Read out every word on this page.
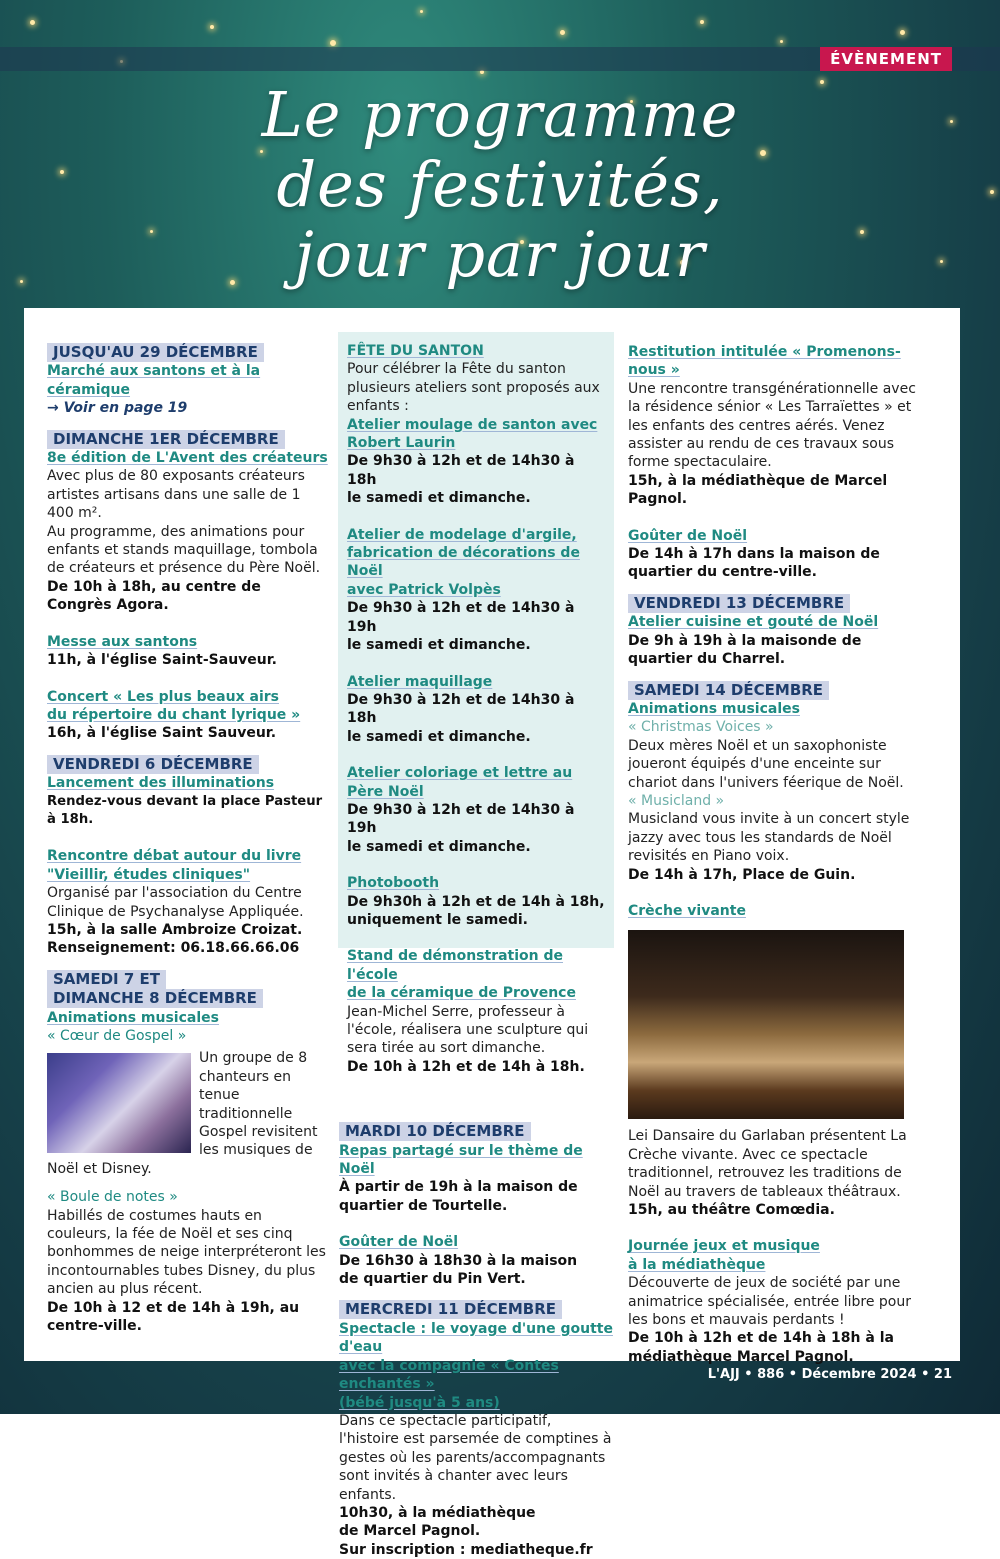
ÉVÈNEMENT
Le programme
des festivités,
jour par jour
JUSQU'AU 29 DÉCEMBRE
Marché aux santons et à la céramique
→ Voir en page 19
DIMANCHE 1ER DÉCEMBRE
8e édition de L'Avent des créateurs
Avec plus de 80 exposants créateurs artistes artisans dans une salle de 1 400 m².
Au programme, des animations pour enfants et stands maquillage, tombola de créateurs et présence du Père Noël.
De 10h à 18h, au centre de Congrès Agora.
Messe aux santons
11h, à l'église Saint-Sauveur.
Concert « Les plus beaux airs
du répertoire du chant lyrique »
16h, à l'église Saint Sauveur.
VENDREDI 6 DÉCEMBRE
Lancement des illuminations
Rendez-vous devant la place Pasteur à 18h.
Rencontre débat autour du livre
"Vieillir, études cliniques"
Organisé par l'association du Centre Clinique de Psychanalyse Appliquée.
15h, à la salle Ambroize Croizat.
Renseignement: 06.18.66.66.06
SAMEDI 7 ET
DIMANCHE 8 DÉCEMBRE
Animations musicales
« Cœur de Gospel »
Un groupe de 8 chanteurs en tenue traditionnelle Gospel revisitent les musiques de Noël et Disney.
« Boule de notes »
Habillés de costumes hauts en couleurs, la fée de Noël et ses cinq bonhommes de neige interpréteront les incontournables tubes Disney, du plus ancien au plus récent.
De 10h à 12 et de 14h à 19h, au centre-ville.
FÊTE DU SANTON
Pour célébrer la Fête du santon plusieurs ateliers sont proposés aux enfants :
Atelier moulage de santon avec
Robert Laurin
De 9h30 à 12h et de 14h30 à 18h
le samedi et dimanche.
Atelier de modelage d'argile,
fabrication de décorations de Noël
avec Patrick Volpès
De 9h30 à 12h et de 14h30 à 19h
le samedi et dimanche.
Atelier maquillage
De 9h30 à 12h et de 14h30 à 18h
le samedi et dimanche.
Atelier coloriage et lettre au Père Noël
De 9h30 à 12h et de 14h30 à 19h
le samedi et dimanche.
Photobooth
De 9h30h à 12h et de 14h à 18h,
uniquement le samedi.
Stand de démonstration de l'école
de la céramique de Provence
Jean-Michel Serre, professeur à l'école, réalisera une sculpture qui sera tirée au sort dimanche.
De 10h à 12h et de 14h à 18h.
MARDI 10 DÉCEMBRE
Repas partagé sur le thème de Noël
À partir de 19h à la maison de quartier de Tourtelle.
Goûter de Noël
De 16h30 à 18h30 à la maison
de quartier du Pin Vert.
MERCREDI 11 DÉCEMBRE
Spectacle : le voyage d'une goutte d'eau
avec la compagnie « Contes enchantés »
(bébé jusqu'à 5 ans)
Dans ce spectacle participatif, l'histoire est parsemée de comptines à gestes où les parents/accompagnants sont invités à chanter avec leurs enfants.
10h30, à la médiathèque
de Marcel Pagnol.
Sur inscription : mediatheque.fr
Restitution intitulée « Promenons-nous »
Une rencontre transgénérationnelle avec la résidence sénior « Les Tarraïettes » et les enfants des centres aérés. Venez assister au rendu de ces travaux sous forme spectaculaire.
15h, à la médiathèque de Marcel Pagnol.
Goûter de Noël
De 14h à 17h dans la maison de quartier du centre-ville.
VENDREDI 13 DÉCEMBRE
Atelier cuisine et gouté de Noël
De 9h à 19h à la maisonde de quartier du Charrel.
SAMEDI 14 DÉCEMBRE
Animations musicales
« Christmas Voices »
Deux mères Noël et un saxophoniste joueront équipés d'une enceinte sur chariot dans l'univers féerique de Noël.
« Musicland »
Musicland vous invite à un concert style jazzy avec tous les standards de Noël revisités en Piano voix.
De 14h à 17h, Place de Guin.
Crèche vivante
Lei Dansaire du Garlaban présentent La Crèche vivante. Avec ce spectacle traditionnel, retrouvez les traditions de Noël au travers de tableaux théâtraux.
15h, au théâtre Comœdia.
Journée jeux et musique
à la médiathèque
Découverte de jeux de société par une animatrice spécialisée, entrée libre pour les bons et mauvais perdants !
De 10h à 12h et de 14h à 18h à la médiathèque Marcel Pagnol.
L'AJJ • 886 • Décembre 2024 • 21
